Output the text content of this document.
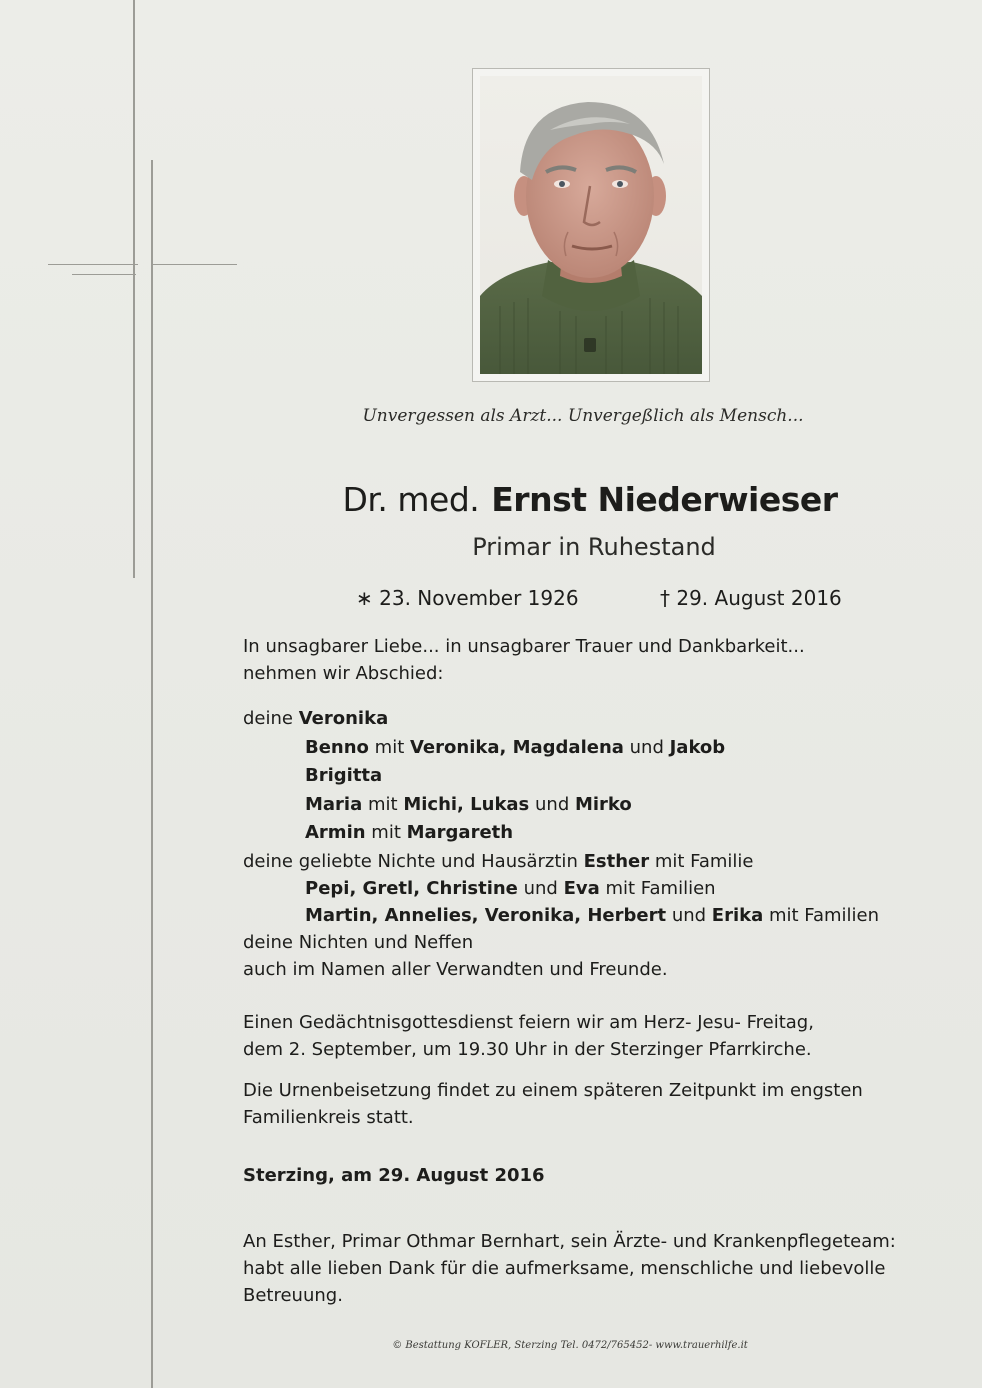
Unvergessen als Arzt... Unvergeßlich als Mensch...
Dr. med. Ernst Niederwieser
Primar in Ruhestand
∗ 23. November 1926	† 29. August 2016
In unsagbarer Liebe... in unsagbarer Trauer und Dankbarkeit...
nehmen wir Abschied:
deine Veronika
Benno mit Veronika, Magdalena und Jakob
Brigitta
Maria mit Michi, Lukas und Mirko
Armin mit Margareth
deine geliebte Nichte und Hausärztin Esther mit Familie
Pepi, Gretl, Christine und Eva mit Familien
Martin, Annelies, Veronika, Herbert und Erika mit Familien
deine Nichten und Neffen
auch im Namen aller Verwandten und Freunde.
Einen Gedächtnisgottesdienst feiern wir am Herz- Jesu- Freitag,
dem 2. September, um 19.30 Uhr in der Sterzinger Pfarrkirche.
Die Urnenbeisetzung findet zu einem späteren Zeitpunkt im engsten
Familienkreis statt.
Sterzing, am 29. August 2016
An Esther, Primar Othmar Bernhart, sein Ärzte- und Krankenpflegeteam:
habt alle lieben Dank für die aufmerksame, menschliche und liebevolle
Betreuung.
© Bestattung KOFLER, Sterzing Tel. 0472/765452- www.trauerhilfe.it
